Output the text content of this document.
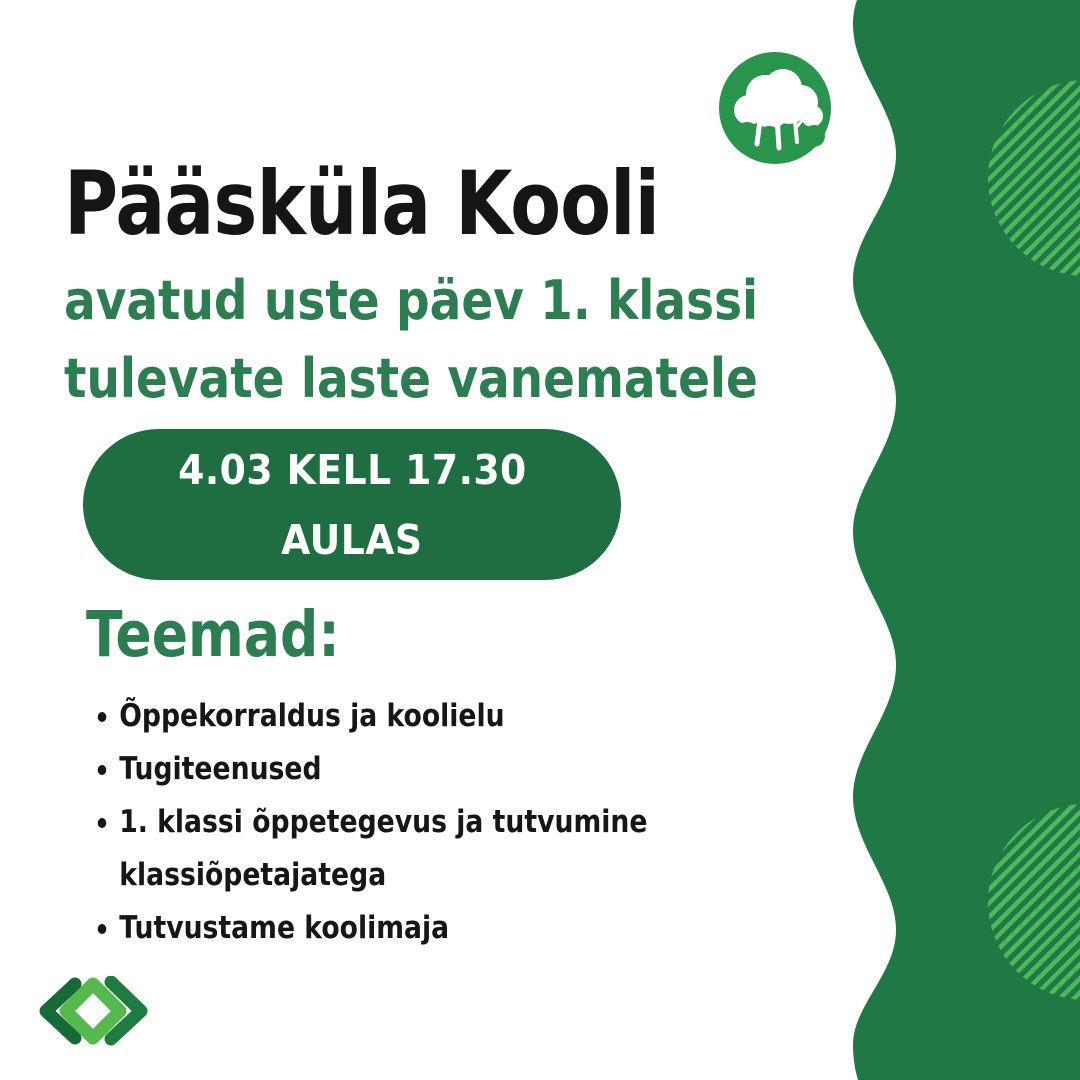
Pääsküla Kooli
avatud uste päev 1. klassi
tulevate laste vanematele
4.03 KELL 17.30
AULAS
Teemad:
Õppekorraldus ja koolielu
Tugiteenused
1. klassi õppetegevus ja tutvumine klassiõpetajatega
Tutvustame koolimaja
